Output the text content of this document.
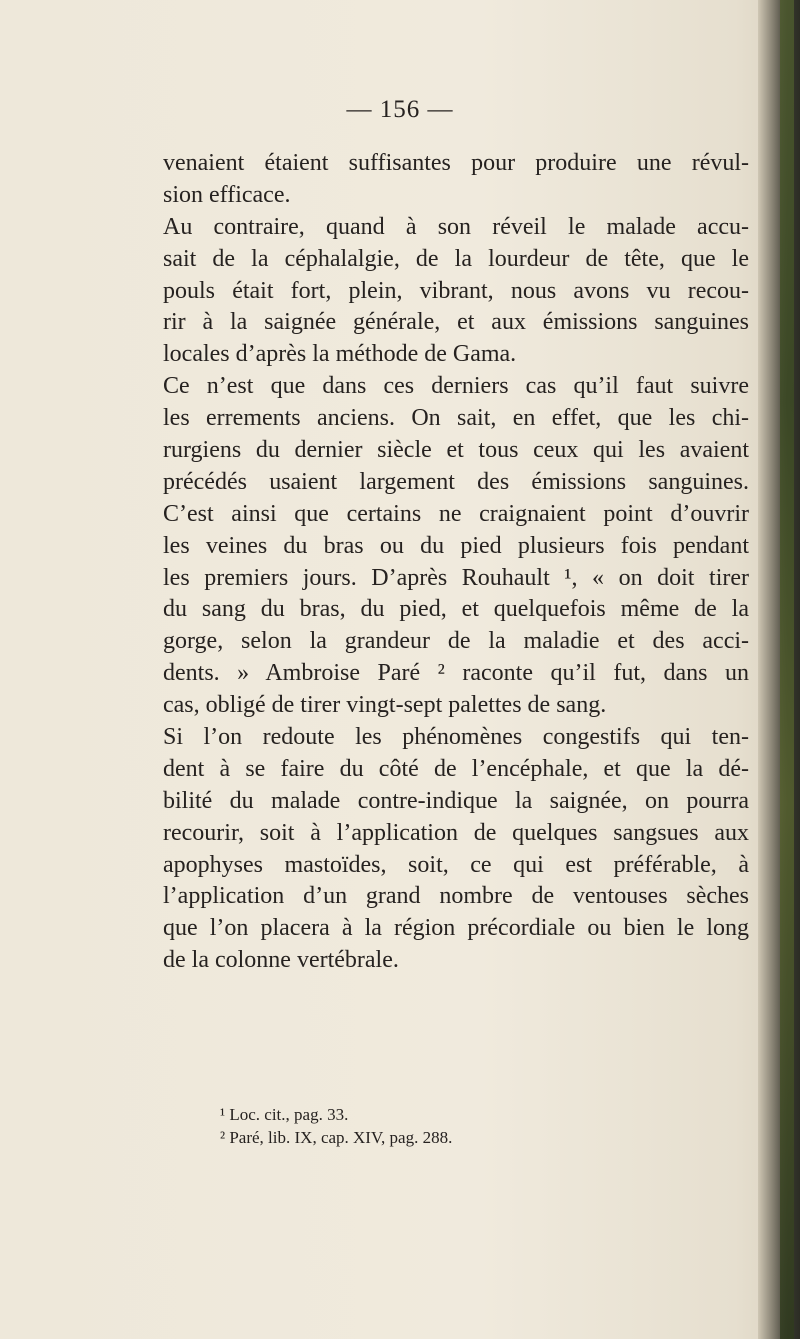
— 156 —
venaient étaient suffisantes pour produire une révul-
sion efficace.
Au contraire, quand à son réveil le malade accu-
sait de la céphalalgie, de la lourdeur de tête, que le
pouls était fort, plein, vibrant, nous avons vu recou-
rir à la saignée générale, et aux émissions sanguines
locales d’après la méthode de Gama.
Ce n’est que dans ces derniers cas qu’il faut suivre
les errements anciens. On sait, en effet, que les chi-
rurgiens du dernier siècle et tous ceux qui les avaient
précédés usaient largement des émissions sanguines.
C’est ainsi que certains ne craignaient point d’ouvrir
les veines du bras ou du pied plusieurs fois pendant
les premiers jours. D’après Rouhault ¹, « on doit tirer
du sang du bras, du pied, et quelquefois même de la
gorge, selon la grandeur de la maladie et des acci-
dents. » Ambroise Paré ² raconte qu’il fut, dans un
cas, obligé de tirer vingt-sept palettes de sang.
Si l’on redoute les phénomènes congestifs qui ten-
dent à se faire du côté de l’encéphale, et que la dé-
bilité du malade contre-indique la saignée, on pourra
recourir, soit à l’application de quelques sangsues aux
apophyses mastoïdes, soit, ce qui est préférable, à
l’application d’un grand nombre de ventouses sèches
que l’on placera à la région précordiale ou bien le long
de la colonne vertébrale.
¹ Loc. cit., pag. 33.
² Paré, lib. IX, cap. XIV, pag. 288.
